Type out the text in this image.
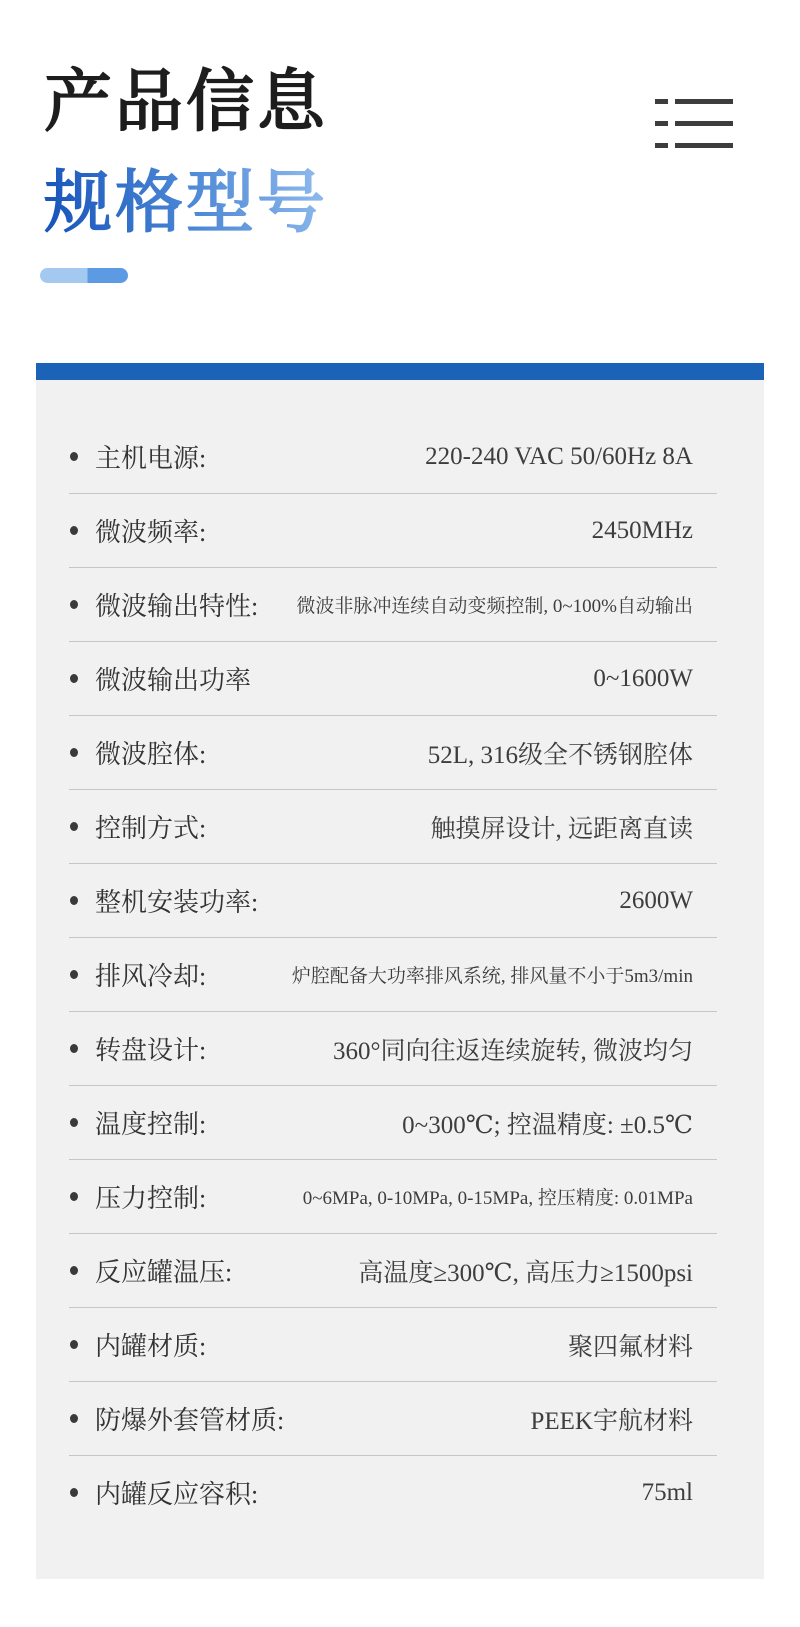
产品信息
规格型号
主机电源:	220-240 VAC 50/60Hz 8A
微波频率:	2450MHz
微波输出特性:	微波非脉冲连续自动变频控制, 0~100%自动输出
微波输出功率	0~1600W
微波腔体:	52L, 316级全不锈钢腔体
控制方式:	触摸屏设计, 远距离直读
整机安装功率:	2600W
排风冷却:	炉腔配备大功率排风系统, 排风量不小于5m3/min
转盘设计:	360°同向往返连续旋转, 微波均匀
温度控制:	0~300℃; 控温精度: ±0.5℃
压力控制:	0~6MPa, 0-10MPa, 0-15MPa, 控压精度: 0.01MPa
反应罐温压:	高温度≥300℃, 高压力≥1500psi
内罐材质:	聚四氟材料
防爆外套管材质:	PEEK宇航材料
内罐反应容积:	75ml
